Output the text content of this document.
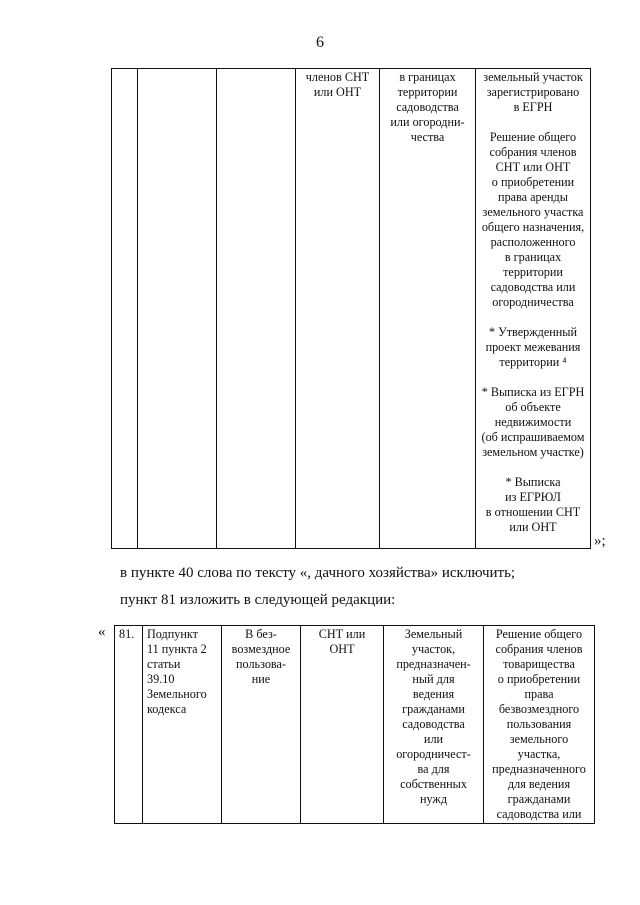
6
			членов СНТ
или ОНТ	в границах
территории
садоводства
или огородни-
чества	земельный участок
зарегистрировано
в ЕГРН

Решение общего
собрания членов
СНТ или ОНТ
о приобретении
права аренды
земельного участка
общего назначения,
расположенного
в границах
территории
садоводства или
огородничества

* Утвержденный
проект межевания
территории ⁴

* Выписка из ЕГРН
об объекте
недвижимости
(об испрашиваемом
земельном участке)

* Выписка
из ЕГРЮЛ
в отношении СНТ
или ОНТ
»;
в пункте 40 слова по тексту «, дачного хозяйства» исключить;
пункт 81 изложить в следующей редакции:
« 81.	Подпункт
11 пункта 2
статьи
39.10
Земельного
кодекса	В без-
возмездное
пользова-
ние	СНТ или
ОНТ	Земельный
участок,
предназначен-
ный для
ведения
гражданами
садоводства
или
огородничест-
ва для
собственных
нужд	Решение общего
собрания членов
товарищества
о приобретении
права
безвозмездного
пользования
земельного
участка,
предназначенного
для ведения
гражданами
садоводства или
